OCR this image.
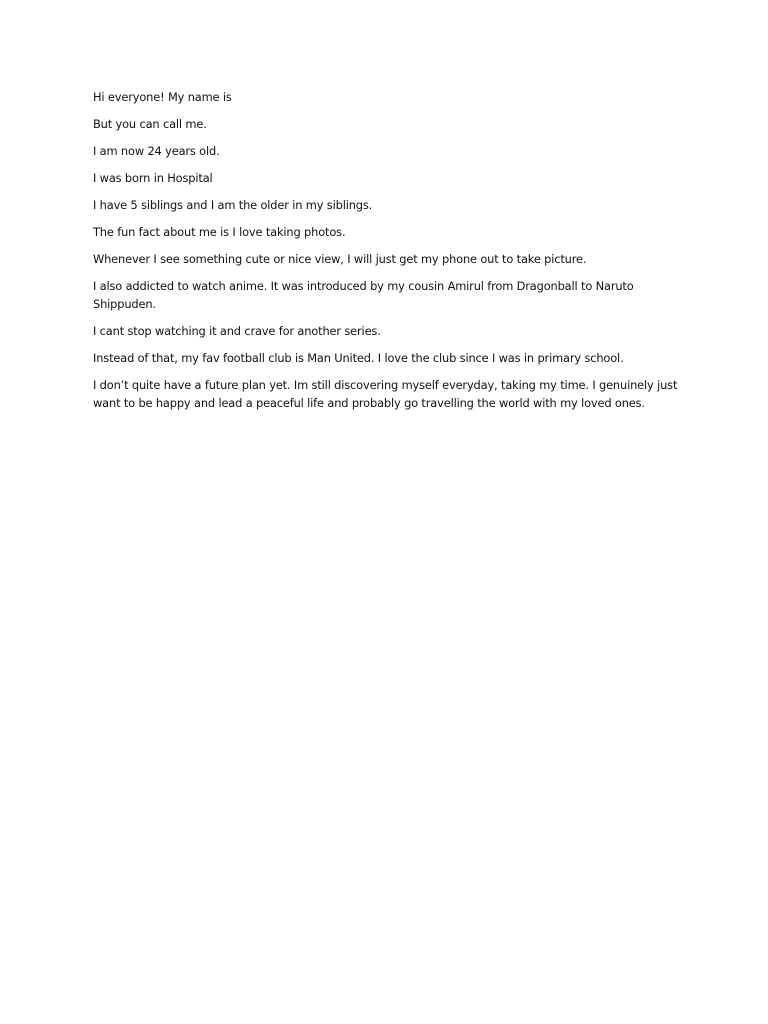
Hi everyone! My name is

But you can call me.

I am now 24 years old.

I was born in Hospital

I have 5 siblings and I am the older in my siblings.

The fun fact about me is I love taking photos.

Whenever I see something cute or nice view, I will just get my phone out to take picture.

I also addicted to watch anime. It was introduced by my cousin Amirul from Dragonball to Naruto Shippuden.

I cant stop watching it and crave for another series.

Instead of that, my fav football club is Man United. I love the club since I was in primary school.

I don’t quite have a future plan yet. Im still discovering myself everyday, taking my time. I genuinely just want to be happy and lead a peaceful life and probably go travelling the world with my loved ones.
